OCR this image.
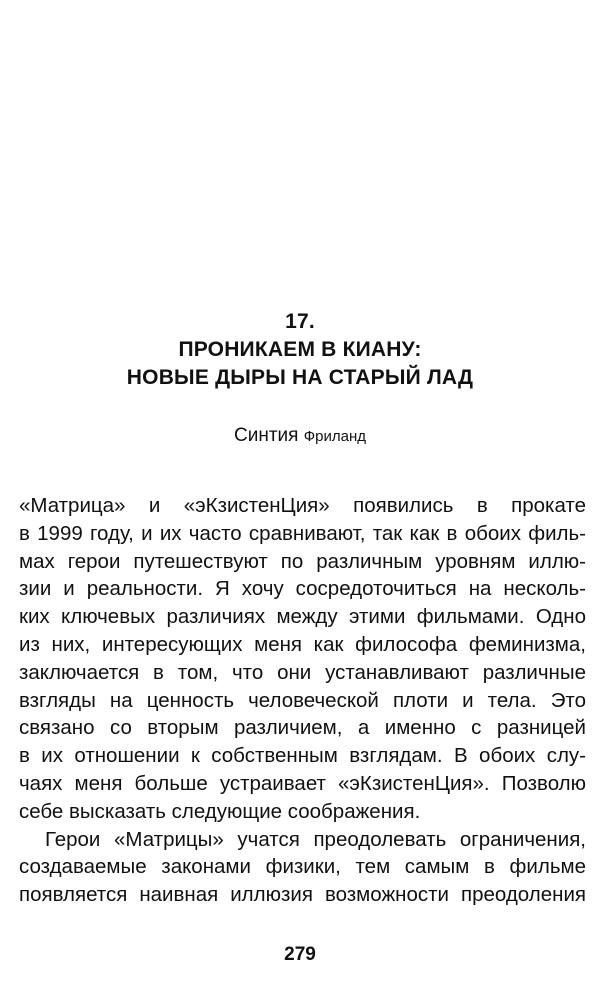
17.
ПРОНИКАЕМ В КИАНУ:
НОВЫЕ ДЫРЫ НА СТАРЫЙ ЛАД
Синтия Фриланд
«Матрица» и «эКзистенЦия» появились в прокате
в 1999 году, и их часто сравнивают, так как в обоих филь-
мах герои путешествуют по различным уровням иллю-
зии и реальности. Я хочу сосредоточиться на несколь-
ких ключевых различиях между этими фильмами. Одно
из них, интересующих меня как философа феминизма,
заключается в том, что они устанавливают различные
взгляды на ценность человеческой плоти и тела. Это
связано со вторым различием, а именно с разницей
в их отношении к собственным взглядам. В обоих слу-
чаях меня больше устраивает «эКзистенЦия». Позволю
себе высказать следующие соображения.
Герои «Матрицы» учатся преодолевать ограничения,
создаваемые законами физики, тем самым в фильме
появляется наивная иллюзия возможности преодоления
279
